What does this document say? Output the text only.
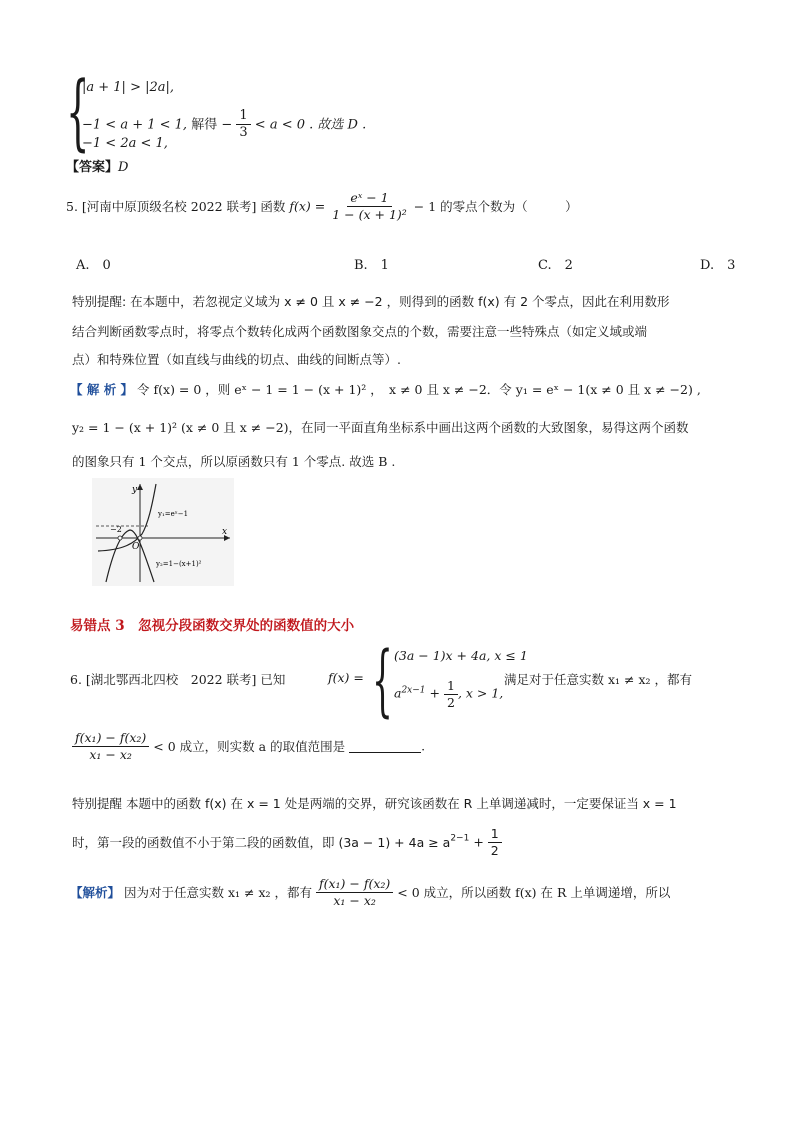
{
|a + 1| > |2a|,
−1 < a + 1 < 1, 解得 − $\frac{1}{3} < a < 0$ . 故选 D .
−1 < 2a < 1,
【答案】D
5. [河南中原顶级名校 2022 联考] 函数 $f(x) = \frac{\text{eˣ − 1}}{\text{1 − (x + 1)²}} - 1$ 的零点个数为（　　　）
A.　0	B.　1	C.　2	D.　3
特别提醒: 在本题中，若忽视定义域为 x ≠ 0 且 x ≠ −2 ，则得到的函数 f(x) 有 2 个零点，因此在利用数形
结合判断函数零点时，将零点个数转化成两个函数图象交点的个数，需要注意一些特殊点（如定义域或端
点）和特殊位置（如直线与曲线的切点、曲线的间断点等）.
【 解 析 】 令 f(x) = 0 ，则 eˣ − 1 = 1 − (x + 1)² ，　x ≠ 0 且 x ≠ −2．令 y₁ = eˣ − 1(x ≠ 0 且 x ≠ −2) ,
y₂ = 1 − (x + 1)² (x ≠ 0 且 x ≠ −2)，在同一平面直角坐标系中画出这两个函数的大致图象，易得这两个函数
的图象只有 1 个交点，所以原函数只有 1 个零点. 故选 B .
y
x
O
−2
y₁=eˣ−1
y₂=1−(x+1)²
易错点 3　忽视分段函数交界处的函数值的大小
6. [湖北鄂西北四校　2022 联考] 已知	f(x) = { (3a − 1)x + 4a, x ≤ 1
$a^{2x-1} + \frac{1}{2}$ , x > 1,
满足对于任意实数 x₁ ≠ x₂ ，都有
$\frac{\text{f(x₁) − f(x₂)}}{\text{x₁ − x₂}} < 0$ 成立，则实数 a 的取值范围是	.
特别提醒 本题中的函数 f(x) 在 x = 1 处是两端的交界，研究该函数在 R 上单调递减时，一定要保证当 x = 1
时，第一段的函数值不小于第二段的函数值，即 $(3a - 1) + 4a \ge a^{2-1} + \frac{1}{2}$
【解析】 因为对于任意实数 x₁ ≠ x₂ ，都有 $\frac{\text{f(x₁) − f(x₂)}}{\text{x₁ − x₂}} < 0$ 成立，所以函数 f(x) 在 R 上单调递增，所以
